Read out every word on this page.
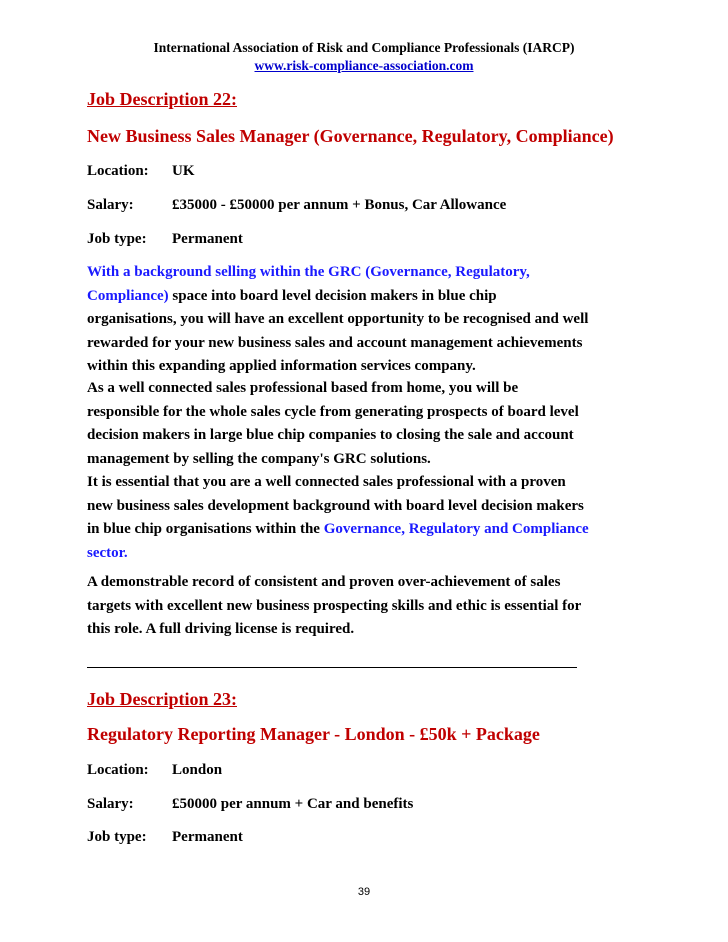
International Association of Risk and Compliance Professionals (IARCP)
www.risk-compliance-association.com
Job Description 22:
New Business Sales Manager (Governance, Regulatory, Compliance)
Location: UK
Salary:	£35000 - £50000 per annum + Bonus, Car Allowance
Job type: Permanent
With a background selling within the GRC (Governance, Regulatory,
Compliance) space into board level decision makers in blue chip
organisations, you will have an excellent opportunity to be recognised and well
rewarded for your new business sales and account management achievements
within this expanding applied information services company.
As a well connected sales professional based from home, you will be
responsible for the whole sales cycle from generating prospects of board level
decision makers in large blue chip companies to closing the sale and account
management by selling the company's GRC solutions.
It is essential that you are a well connected sales professional with a proven
new business sales development background with board level decision makers
in blue chip organisations within the Governance, Regulatory and Compliance
sector.
A demonstrable record of consistent and proven over-achievement of sales
targets with excellent new business prospecting skills and ethic is essential for
this role. A full driving license is required.
Job Description 23:
Regulatory Reporting Manager - London - £50k + Package
Location: London
Salary:	£50000 per annum + Car and benefits
Job type: Permanent
39
